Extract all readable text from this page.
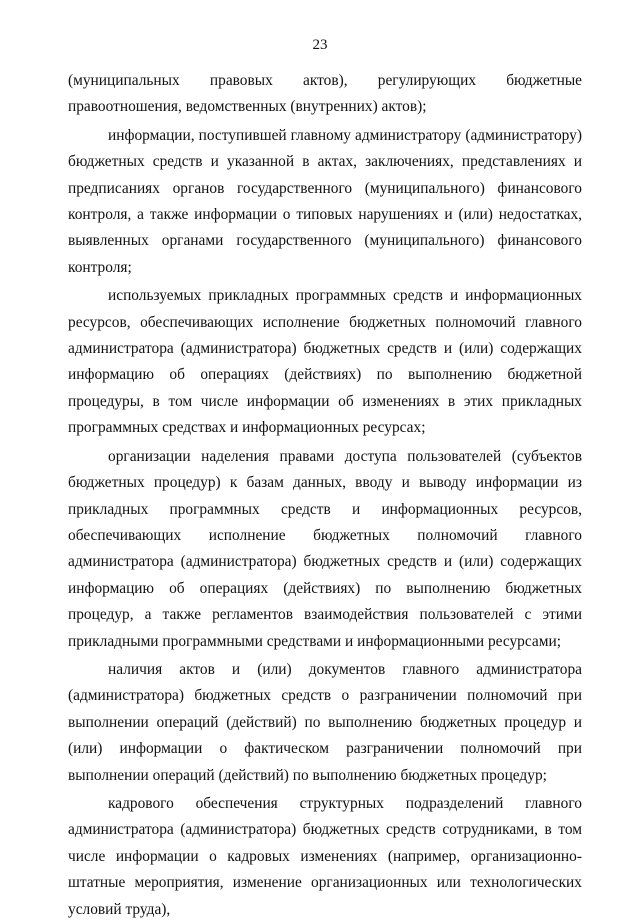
23

(муниципальных правовых актов), регулирующих бюджетные правоотношения, ведомственных (внутренних) актов);

информации, поступившей главному администратору (администратору) бюджетных средств и указанной в актах, заключениях, представлениях и предписаниях органов государственного (муниципального) финансового контроля, а также информации о типовых нарушениях и (или) недостатках, выявленных органами государственного (муниципального) финансового контроля;

используемых прикладных программных средств и информационных ресурсов, обеспечивающих исполнение бюджетных полномочий главного администратора (администратора) бюджетных средств и (или) содержащих информацию об операциях (действиях) по выполнению бюджетной процедуры, в том числе информации об изменениях в этих прикладных программных средствах и информационных ресурсах;

организации наделения правами доступа пользователей (субъектов бюджетных процедур) к базам данных, вводу и выводу информации из прикладных программных средств и информационных ресурсов, обеспечивающих исполнение бюджетных полномочий главного администратора (администратора) бюджетных средств и (или) содержащих информацию об операциях (действиях) по выполнению бюджетных процедур, а также регламентов взаимодействия пользователей с этими прикладными программными средствами и информационными ресурсами;

наличия актов и (или) документов главного администратора (администратора) бюджетных средств о разграничении полномочий при выполнении операций (действий) по выполнению бюджетных процедур и (или) информации о фактическом разграничении полномочий при выполнении операций (действий) по выполнению бюджетных процедур;

кадрового обеспечения структурных подразделений главного администратора (администратора) бюджетных средств сотрудниками, в том числе информации о кадровых изменениях (например, организационно-штатные мероприятия, изменение организационных или технологических условий труда),
